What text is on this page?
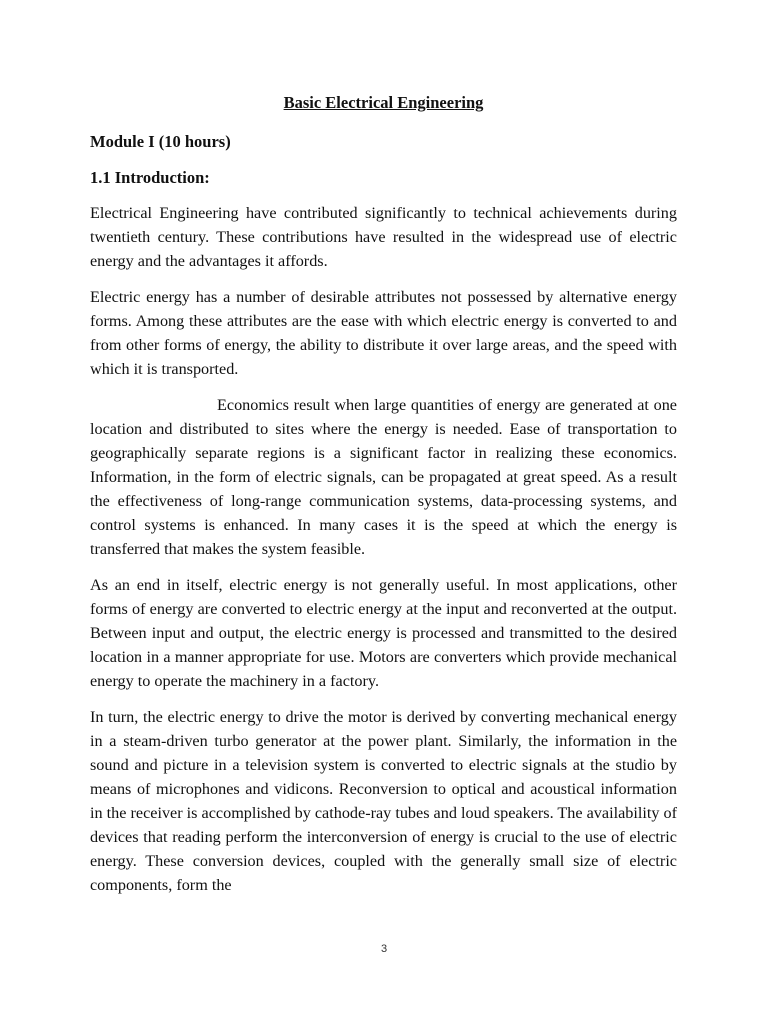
Basic Electrical Engineering
Module I (10 hours)
1.1 Introduction:

Electrical Engineering have contributed significantly to technical achievements during twentieth century. These contributions have resulted in the widespread use of electric energy and the advantages it affords.

Electric energy has a number of desirable attributes not possessed by alternative energy forms. Among these attributes are the ease with which electric energy is converted to and from other forms of energy, the ability to distribute it over large areas, and the speed with which it is transported.

Economics result when large quantities of energy are generated at one location and distributed to sites where the energy is needed. Ease of transportation to geographically separate regions is a significant factor in realizing these economics. Information, in the form of electric signals, can be propagated at great speed. As a result the effectiveness of long-range communication systems, data-processing systems, and control systems is enhanced. In many cases it is the speed at which the energy is transferred that makes the system feasible.

As an end in itself, electric energy is not generally useful. In most applications, other forms of energy are converted to electric energy at the input and reconverted at the output. Between input and output, the electric energy is processed and transmitted to the desired location in a manner appropriate for use. Motors are converters which provide mechanical energy to operate the machinery in a factory.

In turn, the electric energy to drive the motor is derived by converting mechanical energy in a steam-driven turbo generator at the power plant. Similarly, the information in the sound and picture in a television system is converted to electric signals at the studio by means of microphones and vidicons. Reconversion to optical and acoustical information in the receiver is accomplished by cathode-ray tubes and loud speakers. The availability of devices that reading perform the interconversion of energy is crucial to the use of electric energy. These conversion devices, coupled with the generally small size of electric components, form the

3
